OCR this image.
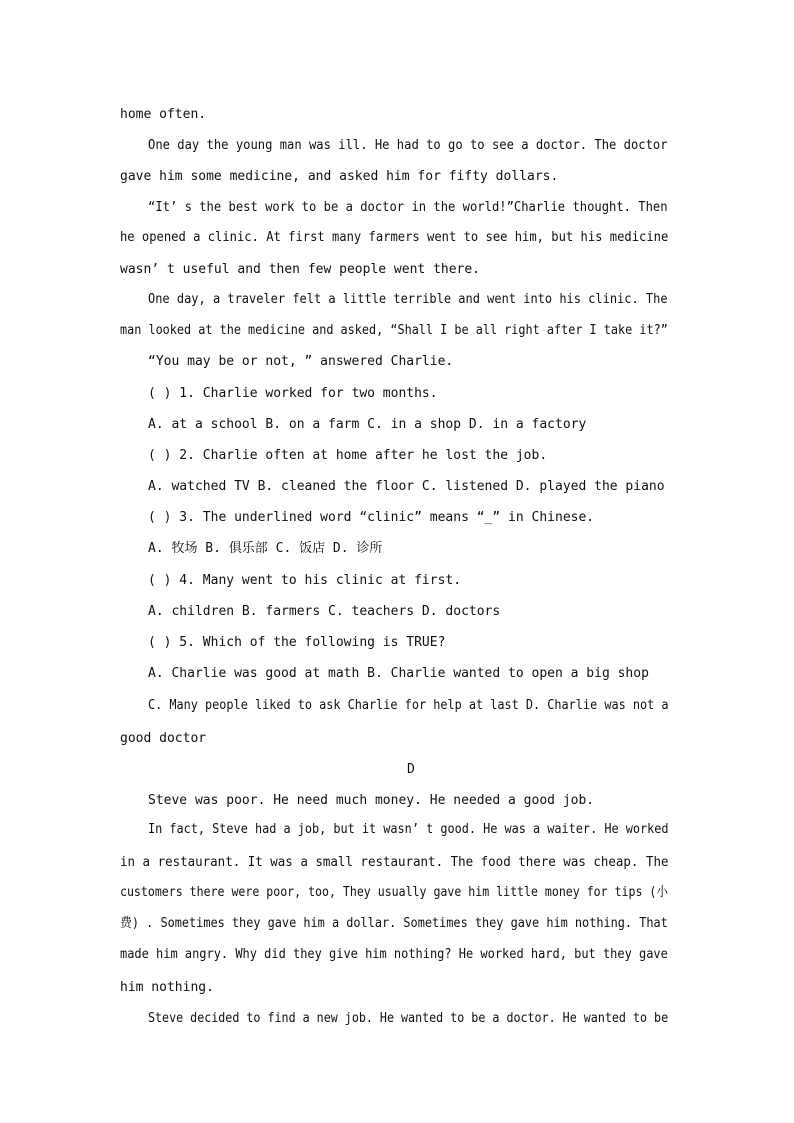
home often.
One day the young man was ill. He had to go to see a doctor. The doctor
gave him some medicine, and asked him for fifty dollars.
“It’ s the best work to be a doctor in the world!”Charlie thought. Then
he opened a clinic. At first many farmers went to see him, but his medicine
wasn’ t useful and then few people went there.
One day, a traveler felt a little terrible and went into his clinic. The
man looked at the medicine and asked, “Shall I be all right after I take it?”
“You may be or not, ” answered Charlie.
( ) 1. Charlie worked for two months.
A. at a school B. on a farm C. in a shop D. in a factory
( ) 2. Charlie often at home after he lost the job.
A. watched TV B. cleaned the floor C. listened D. played the piano
( ) 3. The underlined word “clinic” means “_” in Chinese.
A. 牧场 B. 俱乐部 C. 饭店 D. 诊所
( ) 4. Many went to his clinic at first.
A. children B. farmers C. teachers D. doctors
( ) 5. Which of the following is TRUE?
A. Charlie was good at math B. Charlie wanted to open a big shop
C. Many people liked to ask Charlie for help at last D. Charlie was not a
good doctor
D
Steve was poor. He need much money. He needed a good job.
In fact, Steve had a job, but it wasn’ t good. He was a waiter. He worked
in a restaurant. It was a small restaurant. The food there was cheap. The
customers there were poor, too, They usually gave him little money for tips (小
费) . Sometimes they gave him a dollar. Sometimes they gave him nothing. That
made him angry. Why did they give him nothing? He worked hard, but they gave
him nothing.
Steve decided to find a new job. He wanted to be a doctor. He wanted to be
